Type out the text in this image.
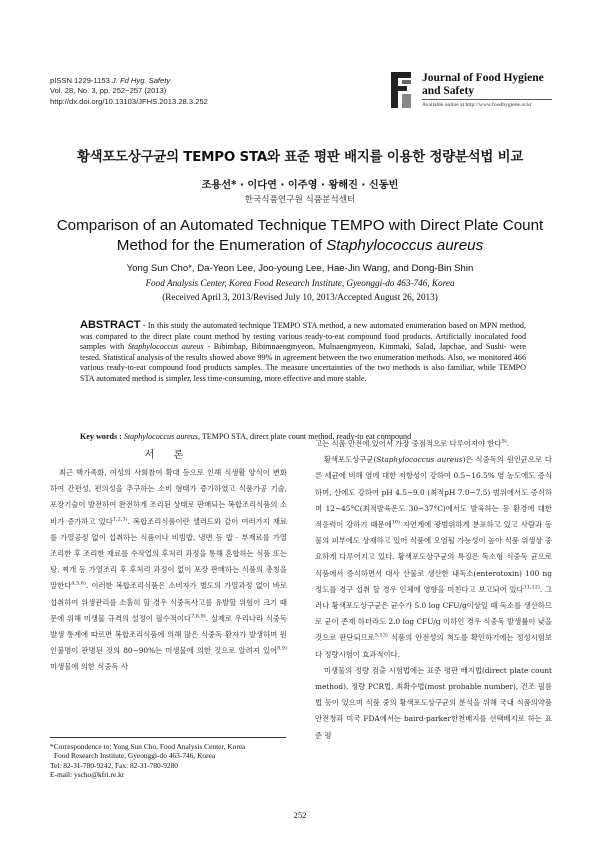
pISSN 1229-1153 J. Fd Hyg. Safety
Vol. 28, No. 3, pp. 252~257 (2013)
http://dx.doi.org/10.13103/JFHS.2013.28.3.252
Journal of Food Hygiene
and Safety
Available online at http://www.foodhygiene.or.kr
황색포도상구균의 TEMPO STA와 표준 평판 배지를 이용한 정량분석법 비교
조용선* · 이다연 · 이주영 · 왕해진 · 신동빈
한국식품연구원 식품분석센터
Comparison of an Automated Technique TEMPO with Direct Plate Count
Method for the Enumeration of Staphylococcus aureus
Yong Sun Cho*, Da-Yeon Lee, Joo-young Lee, Hae-Jin Wang, and Dong-Bin Shin
Food Analysis Center, Korea Food Research Institute, Gyeonggi-do 463-746, Korea
(Received April 3, 2013/Revised July 10, 2013/Accepted August 26, 2013)
ABSTRACT - In this study the automated technique TEMPO STA method, a new automated enumeration based on MPN method, was compared to the direct plate count method by testing various ready-to-eat compound food products. Artificially inoculated food samples with Staphylococcus aureus - Bibimbap, Bibimnaengmyeon, Mulnaengmyeon, Kimmaki, Salad, Japchae, and Sushi- were tested. Statistical analysis of the results showed above 99% in agreement between the two enumeration methods. Also, we monitored 466 various ready-to-eat compound food products samples. The measure uncertainties of the two methods is also familiar, while TEMPO STA automated method is simpler, less time-consuming, more effective and more stable.
Key words : Staphylococcus aureus, TEMPO STA, direct plate count method, ready-to eat compound
서 론

최근 핵가족화, 여성의 사회참여 확대 등으로 인해 식생활 양식이 변화하여 간편성, 편의성을 추구하는 소비 형태가 증가하였고 식품가공 기술, 포장기술이 발전하여 완전하게 조리된 상태로 판매되는 복합조리식품의 소비가 증가하고 있다$^{1,2,3)}$. 복합조리식품이란 샐러드와 같이 여러가지 재료를 가열공정 없이 섭취하는 식품이나 비빔밥, 냉면 등 밥 · 부재료를 가열 조리한 후 조리한 재료를 수작업의 후처리 과정을 통해 혼합하는 식품 또는 탕, 찌개 등 가열조리 후 후처리 과정이 없이 포장 판매하는 식품의 총칭을 말한다$^{4,5,6)}$. 이러한 복합조리식품은 소비자가 별도의 가열과정 없이 바로 섭취하여 위생관리를 소홀히 할 경우 식중독사고를 유발할 위험이 크기 때문에 위해 미생물 규격의 설정이 필수적이다$^{7,8,9)}$. 실제로 우리나라 식중독 발생 통계에 따르면 복합조리식품에 의해 많은 식중독 환자가 발생하며 원인불명이 판명된 것의 80~90%는 미생물에 의한 것으로 알려져 있어$^{8,9)}$ 미생물에 의한 식중독 사

고는 식품 안전에 있어서 가장 중점적으로 다루어져야 한다$^{5)}$.

황색포도상구균(Staphylococcus aureus)은 식중독의 원인균으로 다른 세균에 비해 염에 대한 저항성이 강하여 0.5~16.5% 염 농도에도 증식하며, 산에도 강하여 pH 4.5~9.0 (최적pH 7.0~7.5) 범위에서도 증식하며 12~45°C(최적발육온도 30~37°C)에서도 발육하는 등 환경에 대한 적응력이 강하기 때문에$^{10)}$ 자연계에 광범위하게 분포하고 있고 사람과 동물의 피부에도 상재하고 있어 식품에 오염될 가능성이 높아 식품 위생상 중요하게 다루어지고 있다. 황색포도상구균의 특징은 독소형 식중독 균으로 식품에서 증식하면서 대사 산물로 생산한 내독소(enterotoxin) 100 ng 정도를 경구 섭취 할 경우 인체에 영향을 미친다고 보고되어 있다$^{11,12)}$. 그러나 황색포도상구균은 균수가 5.0 log CFU/g이상일 때 독소를 생산하므로 균이 존재 하더라도 2.0 log CFU/g 이하인 경우 식중독 발생률이 낮을 것으로 판단되므로$^{5,13)}$ 식품의 안전성의 척도를 확인하기에는 정성시험보다 정량시험이 효과적이다.

미생물의 정량 검출 시험법에는 표준 평판 배지법(direct plate count method), 정량 PCR법, 최확수법(most probable number), 건조 필름법 등이 있으며 식품 중의 황색포도상구균의 분석을 위해 국내 식품의약품안전청과 미국 FDA에서는 baird-parker한천배지를 선택배지로 하는 표준 평

*Correspondence to: Yong Sun Cho, Food Analysis Center, Korea
Food Research Institute, Gyeonggi-do 463-746, Korea
Tel: 82-31-780-9242, Fax: 82-31-780-9280
E-mail: yscho@kfri.re.kr
252
